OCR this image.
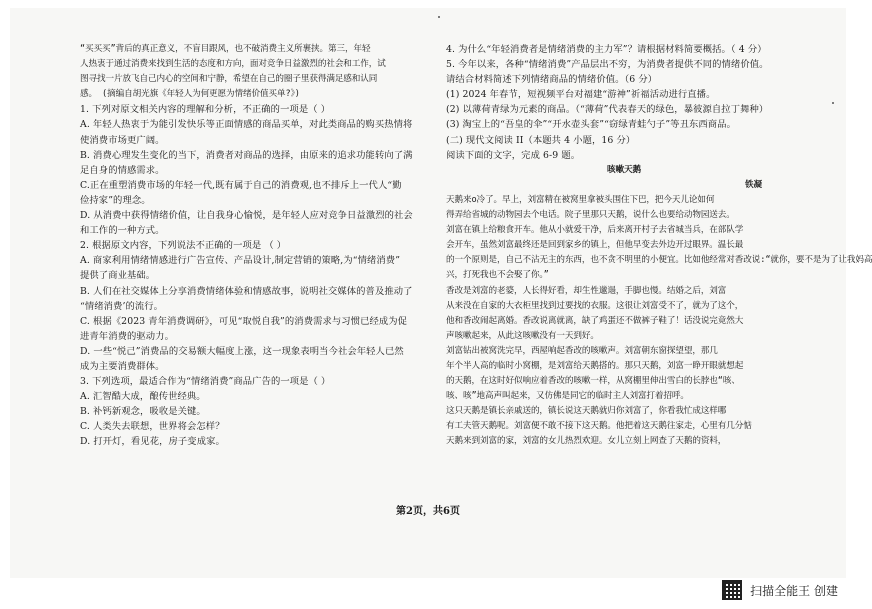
“买买买”背后的真正意义，不盲目跟风，也不破消费主义所裹挟。第三，年轻
人热衷于通过消费来找到生活的态度和方向，面对竞争日益激烈的社会和工作，试
图寻找一片放飞自己内心的空间和宁静，希望在自己的圈子里获得满足感和认同
感。 (摘编自胡光旗《年轻人为何更愿为情绪价值买单?》)
1. 下列对原文相关内容的理解和分析，不正确的一项是（ ）
A. 年轻人热衷于为能引发快乐等正面情感的商品买单，对此类商品的购买热情将
使消费市场更广阔。
B. 消费心理发生变化的当下，消费者对商品的选择，由原来的追求功能转向了满
足自身的情感需求。
C.正在重塑消费市场的年轻一代,既有属于自己的消费观,也不排斥上一代人“勤
俭持家”的理念。
D. 从消费中获得情绪价值，让自我身心愉悦，是年轻人应对竞争日益激烈的社会
和工作的一种方式。
2. 根据原文内容，下列说法不正确的一项是 （ ）
A. 商家利用情绪情感进行广告宣传、产品设计,制定营销的策略,为“情绪消费”
提供了商业基础。
B. 人们在社交媒体上分享消费情绪体验和情感故事，说明社交媒体的普及推动了
“情绪消费’的流行。
C. 根据《2023 青年消费调研》，可见“取悦自我”的消费需求与习惯已经成为促
进青年消费的驱动力。
D. 一些“悦己”消费品的交易额大幅度上涨，这一现象表明当今社会年轻人已然
成为主要消费群体。
3. 下列选项，最适合作为“情绪消费”商品广告的一项是（ ）
A. 汇智酷大成，酿传世经典。
B. 补钙新观念，吸收是关键。
C. 人类失去联想，世界将会怎样？
D. 打开灯，看见花，房子变成家。
4. 为什么“年轻消费者是情绪消费的主力军”？请根据材料简要概括。（ 4 分）
5. 今年以来，各种“情绪消费”产品层出不穷，为消费者提供不同的情绪价值。
请结合材料简述下列情绪商品的情绪价值。（6 分）
(1) 2024 年春节，短视频平台对福建“游神”祈福活动进行直播。
(2) 以薄荷青绿为元素的商品。（“薄荷”代表春天的绿色，暴彼源自拉丁舞种）
(3) 淘宝上的“吾皇的伞”“开水壶头套”“窃绿青蛙勺子”等丑东西商品。
(二) 现代文阅读 II（本题共 4 小题，16 分）
阅读下面的文字，完成 6-9 题。
咳嗽天鹅
铁凝
天鹅来о冷了。早上，刘富精在被窝里拿被头围住下巴，把今天儿论如何
得弄给省城的动物园去个电话。院子里那只天鹅，说什么也要给动物园送去。
刘富在镇上给粮食开车。他从小就爱干净，后来离开村子去省城当兵，在部队学
会开车，虽然刘富最终还是回到家乡的镇上，但他早变去外边开过眼界。温长最
的一个原则是，自己不沾无主的东西，也不贪不明里的小便宜。比如他经常对香改说:“就你，要不是为了让我妈高
兴，打死我也不会娶了你。”
香改是刘富的老婆，人长得好看，却生性邋遢，手脚也慢。结婚之后，刘富
从来没在自家的大衣柜里找到过要找的衣服。这很让刘富受不了，就为了这个，
他和香改闹起离婚。香改说离就离，缺了鸡蛋还不做裤子鞋了！话没说完竟然大
声咳嗽起来，从此这咳嗽没有一天到好。
刘富钻出被窝洗完早，西屋响起香改的咳嗽声。刘富朝东窗探望望，那几
年个半人高的临时小窝棚，是刘富给天鹅搭的。那只天鹅，刘富一睁开眼就想起
的天鹅，在这时好似响应着香改的咳嗽一样，从窝棚里伸出雪白的长脖也“咳、
咳、咳”地高声叫起来，又仿佛是同它的临时主人刘富打着招呼。
这只天鹅是镇长亲戚送的，镇长说这天鹅就归你刘富了，你看我忙成这样哪
有工夫管天鹅呢。刘富便不敢不接下这天鹅。他把着这天鹅往家走，心里有几分惦
天鹅来到刘富的家，刘富的女儿热烈欢迎。女儿立刻上网查了天鹅的资料，
第2页，共6页
扫描全能王 创建
